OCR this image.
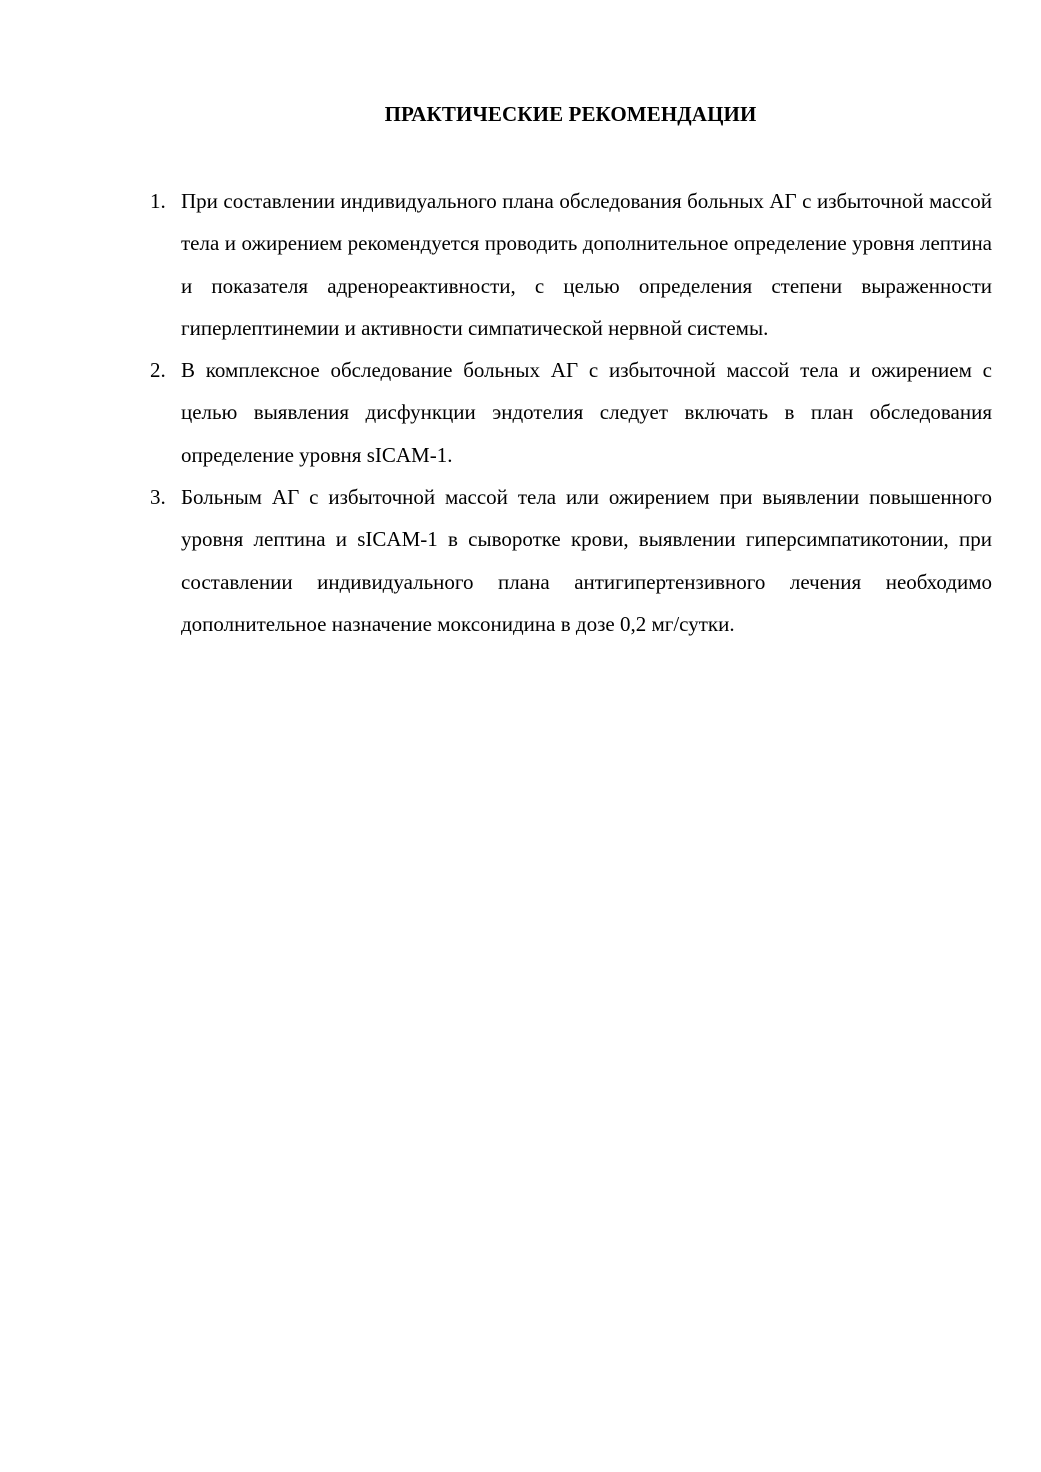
ПРАКТИЧЕСКИЕ РЕКОМЕНДАЦИИ
1. При составлении индивидуального плана обследования больных АГ с избыточной массой тела и ожирением рекомендуется проводить дополнительное определение уровня лептина и показателя адренореактивности, с целью определения степени выраженности гиперлептинемии и активности симпатической нервной системы.
2. В комплексное обследование больных АГ с избыточной массой тела и ожирением с целью выявления дисфункции эндотелия следует включать в план обследования определение уровня sICAM-1.
3. Больным АГ с избыточной массой тела или ожирением при выявлении повышенного уровня лептина и sICAM-1 в сыворотке крови, выявлении гиперсимпатикотонии, при составлении индивидуального плана антигипертензивного лечения необходимо дополнительное назначение моксонидина в дозе 0,2 мг/сутки.
